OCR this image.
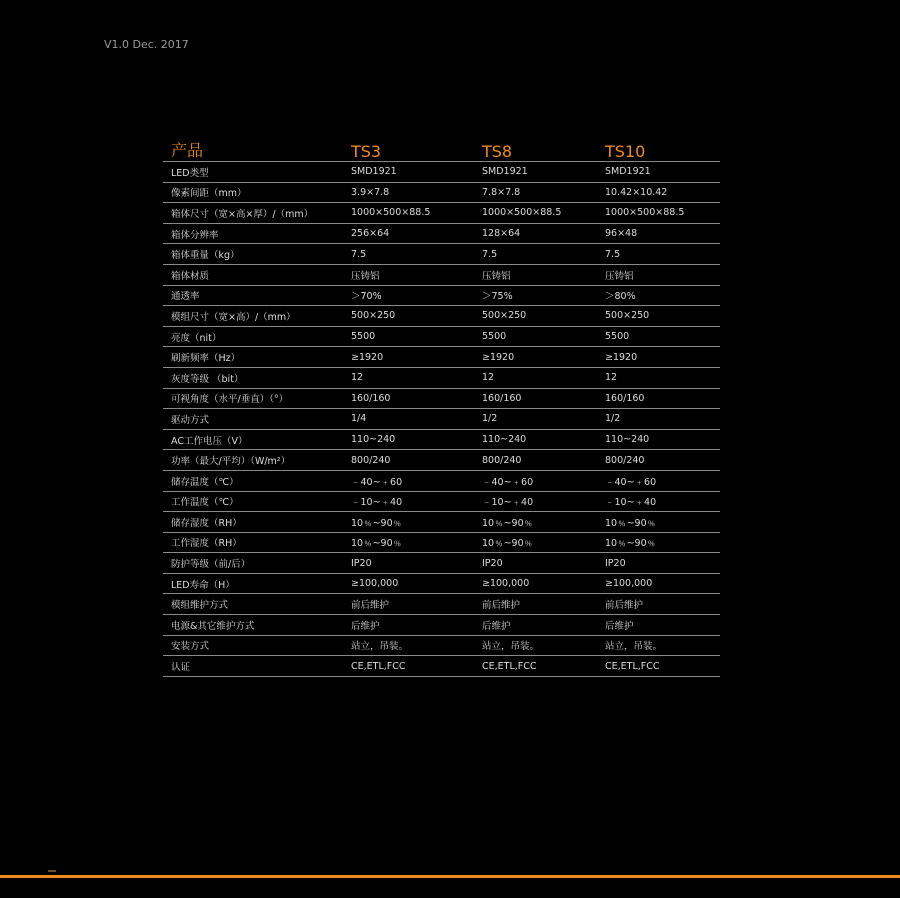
V1.0 Dec. 2017
产品	TS3	TS8	TS10
LED类型	SMD1921	SMD1921	SMD1921
像素间距（mm）	3.9×7.8	7.8×7.8	10.42×10.42
箱体尺寸（宽×高×厚）/（mm）	1000×500×88.5	1000×500×88.5	1000×500×88.5
箱体分辨率	256×64	128×64	96×48
箱体重量（kg）	7.5	7.5	7.5
箱体材质	压铸铝	压铸铝	压铸铝
通透率	＞70%	＞75%	＞80%
模组尺寸（宽×高）/（mm）	500×250	500×250	500×250
亮度（nit）	5500	5500	5500
刷新频率（Hz）	≥1920	≥1920	≥1920
灰度等级 （bit）	12	12	12
可视角度（水平/垂直）（°）	160/160	160/160	160/160
驱动方式	1/4	1/2	1/2
AC工作电压（V）	110~240	110~240	110~240
功率（最大/平均）（W/m²）	800/240	800/240	800/240
储存温度（℃）	﹣40~﹢60	﹣40~﹢60	﹣40~﹢60
工作温度（℃）	﹣10~﹢40	﹣10~﹢40	﹣10~﹢40
储存湿度（RH）	10﹪~90﹪	10﹪~90﹪	10﹪~90﹪
工作湿度（RH）	10﹪~90﹪	10﹪~90﹪	10﹪~90﹪
防护等级（前/后）	IP20	IP20	IP20
LED寿命（H）	≥100,000	≥100,000	≥100,000
模组维护方式	前后维护	前后维护	前后维护
电源&其它维护方式	后维护	后维护	后维护
安装方式	站立，吊装。	站立，吊装。	站立，吊装。
认证	CE,ETL,FCC	CE,ETL,FCC	CE,ETL,FCC
